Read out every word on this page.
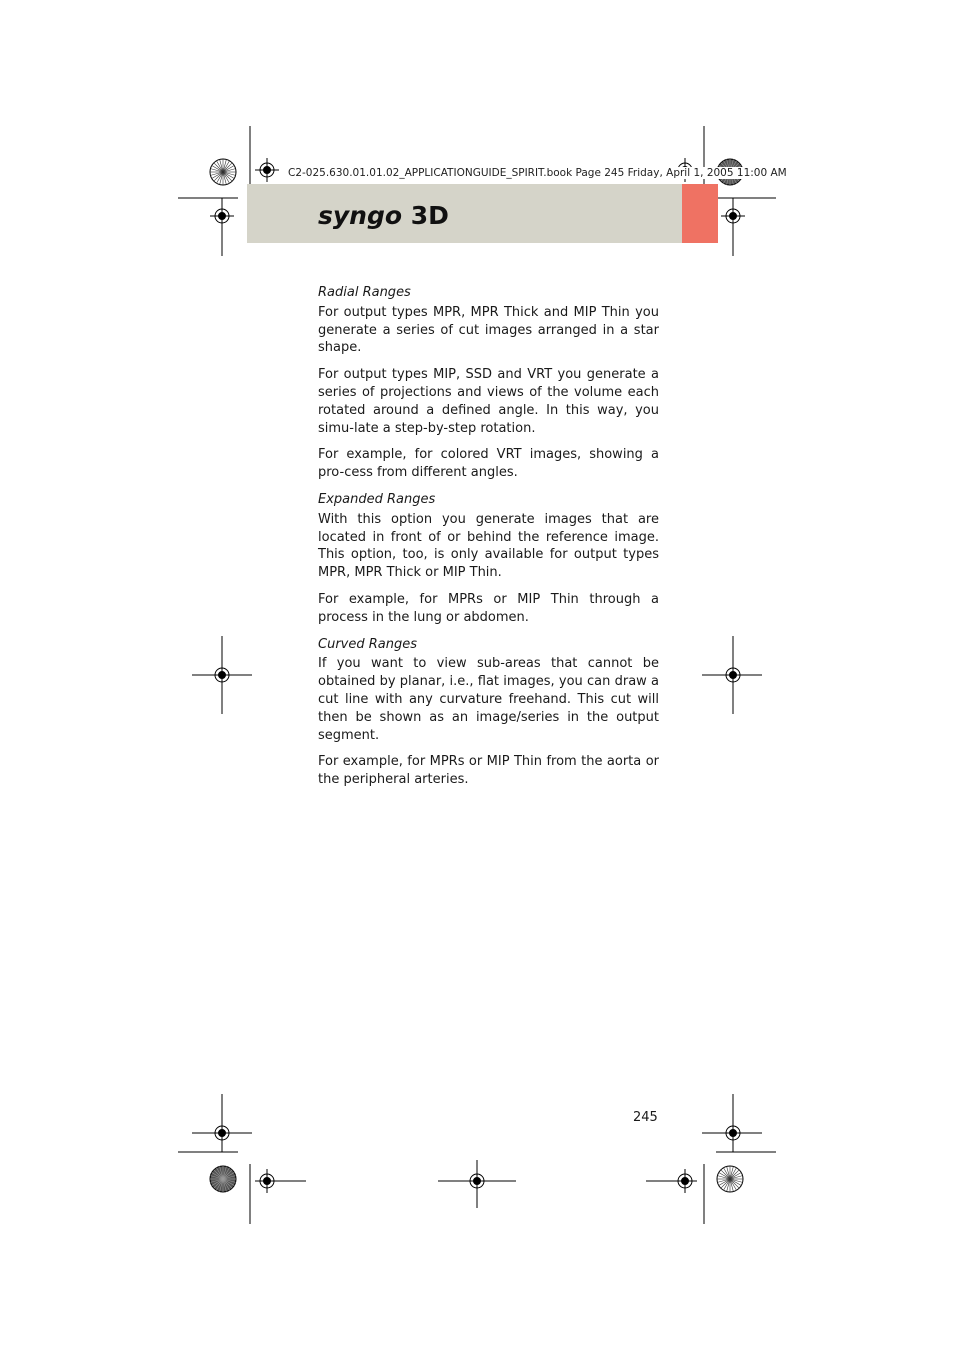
C2-025.630.01.01.02_APPLICATIONGUIDE_SPIRIT.book Page 245 Friday, April 1, 2005 11:00 AM
syngo 3D

Radial Ranges

For output types MPR, MPR Thick and MIP Thin you generate a series of cut images arranged in a star shape.

For output types MIP, SSD and VRT you generate a series of projections and views of the volume each rotated around a defined angle. In this way, you simu-late a step-by-step rotation.

For example, for colored VRT images, showing a pro-cess from different angles.

Expanded Ranges

With this option you generate images that are located in front of or behind the reference image. This option, too, is only available for output types MPR, MPR Thick or MIP Thin.

For example, for MPRs or MIP Thin through a process in the lung or abdomen.

Curved Ranges

If you want to view sub-areas that cannot be obtained by planar, i.e., flat images, you can draw a cut line with any curvature freehand. This cut will then be shown as an image/series in the output segment.

For example, for MPRs or MIP Thin from the aorta or the peripheral arteries.

245
